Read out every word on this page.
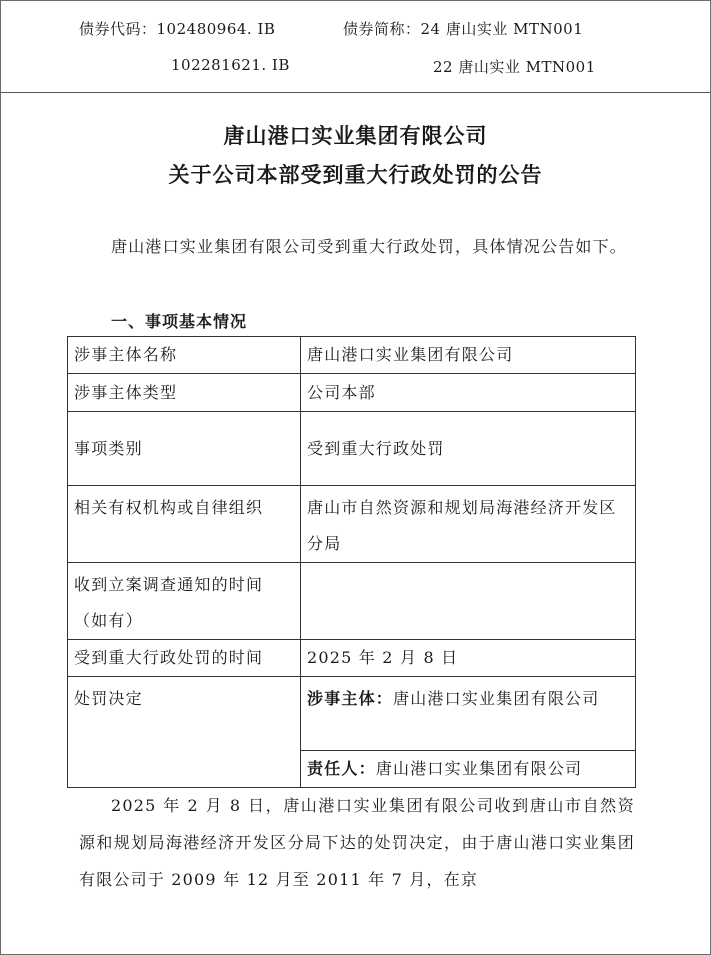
债券代码：102480964. IB	债券简称：24 唐山实业 MTN001
102281621. IB	22 唐山实业 MTN001
唐山港口实业集团有限公司
关于公司本部受到重大行政处罚的公告

唐山港口实业集团有限公司受到重大行政处罚，具体情况公告如下。

一、事项基本情况
涉事主体名称	唐山港口实业集团有限公司
涉事主体类型	公司本部
事项类别	受到重大行政处罚
相关有权机构或自律组织	唐山市自然资源和规划局海港经济开发区分局
收到立案调查通知的时间（如有）	
受到重大行政处罚的时间	2025 年 2 月 8 日
处罚决定	涉事主体：唐山港口实业集团有限公司
	责任人：唐山港口实业集团有限公司

2025 年 2 月 8 日，唐山港口实业集团有限公司收到唐山市自然资源和规划局海港经济开发区分局下达的处罚决定，由于唐山港口实业集团有限公司于 2009 年 12 月至 2011 年 7 月，在京
